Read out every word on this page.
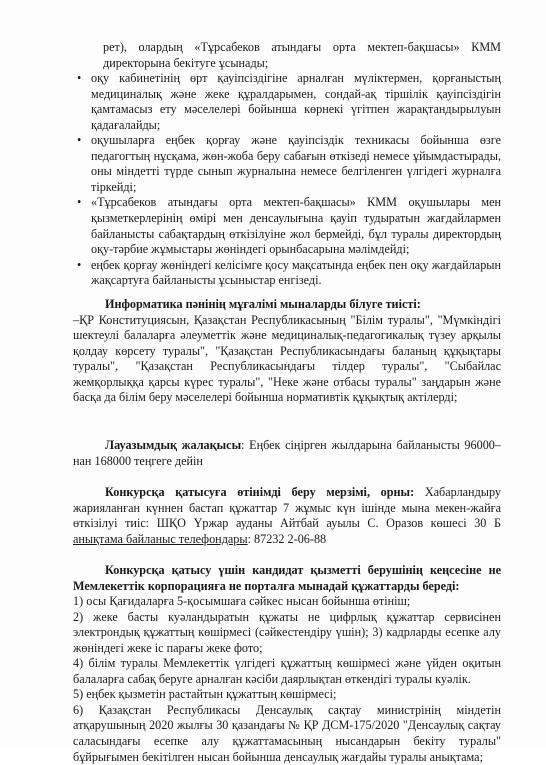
рет), олардың «Тұрсабеков атындағы орта мектеп-бақшасы» КММ директорына бекітуге ұсынады;

• оқу кабинетінің өрт қауіпсіздігіне арналған мүліктермен, қорғаныстың медициналық және жеке құралдарымен, сондай-ақ тіршілік қауіпсіздігін қамтамасыз ету мәселелері бойынша көрнекі үгітпен жарақтандырылуын қадағалайды;

• оқушыларға еңбек қорғау және қауіпсіздік техникасы бойынша өзге педагогтың нұсқама, жөн-жоба беру сабағын өткізеді немесе ұйымдастырады, оны міндетті түрде сынып журналына немесе белгіленген үлгідегі журналға тіркейді;

• «Тұрсабеков атындағы орта мектеп-бақшасы» КММ оқушылары мен қызметкерлерінің өмірі мен денсаулығына қауіп тудыратын жағдайлармен байланысты сабақтардың өткізілуіне жол бермейді, бұл туралы директордың оқу-тәрбие жұмыстары жөніндегі орынбасарына мәлімдейді;

• еңбек қорғау жөніндегі келісімге қосу мақсатында еңбек пен оқу жағдайларын жақсартуға байланысты ұсыныстар енгізеді.

Информатика пәнінің мұғалімі мыналарды білуге тиісті:

–ҚР Конституциясын, Қазақстан Республикасының "Білім туралы", "Мүмкіндігі шектеулі балаларға әлеуметтік және медициналық-педагогикалық түзеу арқылы қолдау көрсету туралы", "Қазақстан Республикасындағы баланың құқықтары туралы", "Қазақстан Республикасындағы тілдер туралы", "Сыбайлас жемқорлыққа қарсы күрес туралы", "Неке және отбасы туралы" заңдарын және басқа да білім беру мәселелері бойынша нормативтік құқықтық актілерді;

Лауазымдық жалақысы: Еңбек сіңірген жылдарына байланысты 96000–нан 168000 теңгеге дейін

Конкурсқа қатысуға өтінімді беру мерзімі, орны: Хабарландыру жарияланған күннен бастап құжаттар 7 жұмыс күн ішінде мына мекен-жайға өткізілуі тиіс: ШҚО Үржар ауданы Айтбай ауылы С. Оразов көшесі 30 Б анықтама байланыс телефондары: 87232 2-06-88

Конкурсқа қатысу үшін кандидат қызметті берушінің кеңсесіне не Мемлекеттік корпорацияға не порталға мынадай құжаттарды береді:

1) осы Қағидаларға 5-қосымшаға сәйкес нысан бойынша өтініш;

2) жеке басты куәландыратын құжаты не цифрлық құжаттар сервисінен электрондық құжаттың көшірмесі (сәйкестендіру үшін); 3) кадрларды есепке алу жөніндегі жеке іс парағы жеке фото;

4) білім туралы Мемлекеттік үлгідегі құжаттың көшірмесі және үйден оқитын балаларға сабақ беруге арналған кәсіби даярлықтан өткендігі туралы куәлік.

5) еңбек қызметін растайтын құжаттың көшірмесі;

6) Қазақстан Республикасы Денсаулық сақтау министрінің міндетін атқарушының 2020 жылғы 30 қазандағы № ҚР ДСМ-175/2020 "Денсаулық сақтау саласындағы есепке алу құжаттамасының нысандарын бекіту туралы" бұйрығымен бекітілген нысан бойынша денсаулық жағдайы туралы анықтама;
